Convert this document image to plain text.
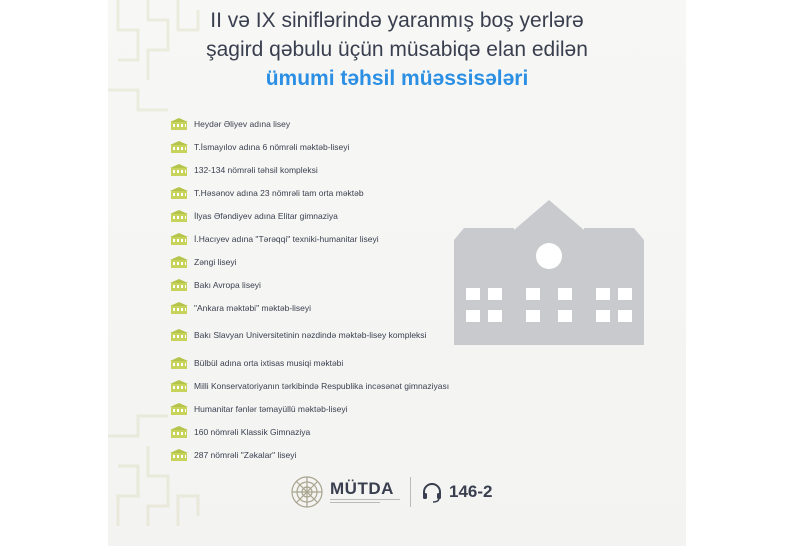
II və IX siniflərində yaranmış boş yerlərə
şagird qəbulu üçün müsabiqə elan edilən
ümumi təhsil müəssisələri
Heydər Əliyev adına lisey
T.İsmayılov adına 6 nömrəli məktəb-liseyi
132-134 nömrəli təhsil kompleksi
T.Həsənov adına 23 nömrəli tam orta məktəb
İlyas Əfəndiyev adına Elitar gimnaziya
İ.Hacıyev adına "Tərəqqi" texniki-humanitar liseyi
Zəngi liseyi
Bakı Avropa liseyi
"Ankara məktəbi" məktəb-liseyi
Bakı Slavyan Universitetinin nəzdində məktəb-lisey kompleksi
Bülbül adına orta ixtisas musiqi məktəbi
Milli Konservatoriyanın tərkibində Respublika incəsənət gimnaziyası
Humanitar fənlər təmayüllü məktəb-liseyi
160 nömrəli Klassik Gimnaziya
287 nömrəli "Zəkalar" liseyi
MÜTDA	146-2
